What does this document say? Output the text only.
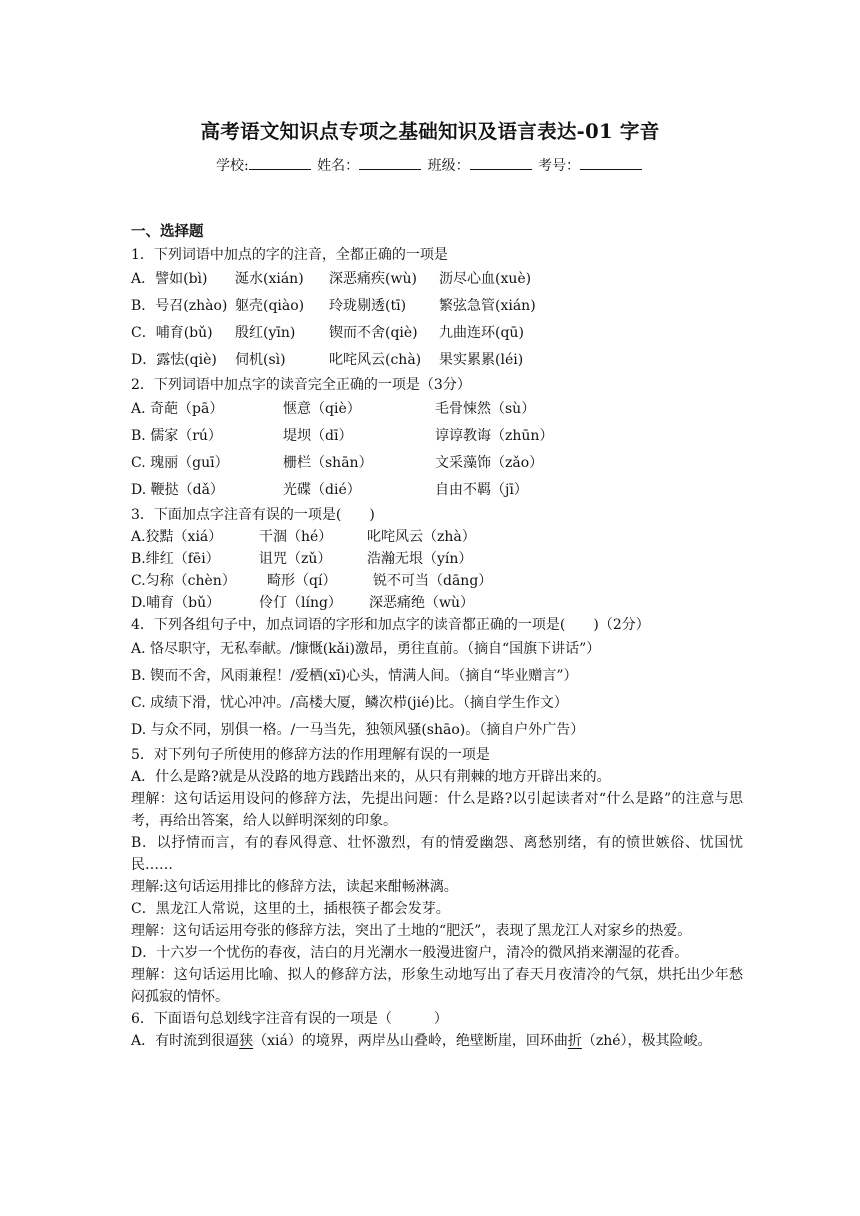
高考语文知识点专项之基础知识及语言表达-01 字音
学校:	姓名：	班级：	考号：
一、选择题
1．下列词语中加点的字的注音，全都正确的一项是
A．譬如(bì)	涎水(xián)	深恶痛疾(wù)	沥尽心血(xuè)
B．号召(zhào) 躯壳(qiào)	玲珑剔透(tī)	繁弦急管(xián)
C．哺育(bǔ)	殷红(yīn)	锲而不舍(qiè)	九曲连环(qū)
D．露怯(qiè)	伺机(sì)	叱咤风云(chà)	果实累累(léi)
2．下列词语中加点字的读音完全正确的一项是（3分）
A. 奇葩（pā）	惬意（qiè）	毛骨悚然（sù）
B. 儒家（rú）	堤坝（dī）	谆谆教诲（zhūn）
C. 瑰丽（guī）	栅栏（shān）	文采藻饰（zǎo）
D. 鞭挞（dǎ）	光碟（dié）	自由不羁（jī）
3．下面加点字注音有误的一项是(　　)
A.狡黠（xiá）	干涸（hé）	叱咤风云（zhà）
B.绯红（fēi）	诅咒（zǔ）	浩瀚无垠（yín）
C.匀称（chèn）	畸形（qí）	锐不可当（dāng）
D.哺育（bǔ）	伶仃（líng）	深恶痛绝（wù）
4．下列各组句子中，加点词语的字形和加点字的读音都正确的一项是(　　)（2分）
A. 恪尽职守，无私奉献。/慷慨(kǎi)激昂，勇往直前。（摘自“国旗下讲话”）
B. 锲而不舍，风雨兼程！/爱栖(xī)心头，情满人间。（摘自“毕业赠言”）
C. 成绩下滑，忧心冲冲。/高楼大厦，鳞次栉(jié)比。（摘自学生作文）
D. 与众不同，别俱一格。/一马当先，独领风骚(shāo)。（摘自户外广告）
5．对下列句子所使用的修辞方法的作用理解有误的一项是
A．什么是路?就是从没路的地方践踏出来的，从只有荆棘的地方开辟出来的。
理解：这句话运用设问的修辞方法，先提出问题：什么是路?以引起读者对“什么是路”的注意与思考，再给出答案，给人以鲜明深刻的印象。
B．以抒情而言，有的春风得意、壮怀激烈，有的情爱幽怨、离愁别绪，有的愤世嫉俗、忧国忧民……
理解:这句话运用排比的修辞方法，读起来酣畅淋漓。
C．黑龙江人常说，这里的土，插根筷子都会发芽。
理解：这句话运用夸张的修辞方法，突出了土地的“肥沃”，表现了黑龙江人对家乡的热爱。
D．十六岁一个忧伤的春夜，洁白的月光潮水一般漫进窗户，清冷的微风捎来潮湿的花香。
理解：这句话运用比喻、拟人的修辞方法，形象生动地写出了春天月夜清冷的气氛，烘托出少年愁闷孤寂的情怀。
6．下面语句总划线字注音有误的一项是（　　　）
A．有时流到很逼狭（xiá）的境界，两岸丛山叠岭，绝壁断崖，回环曲折（zhé），极其险峻。
